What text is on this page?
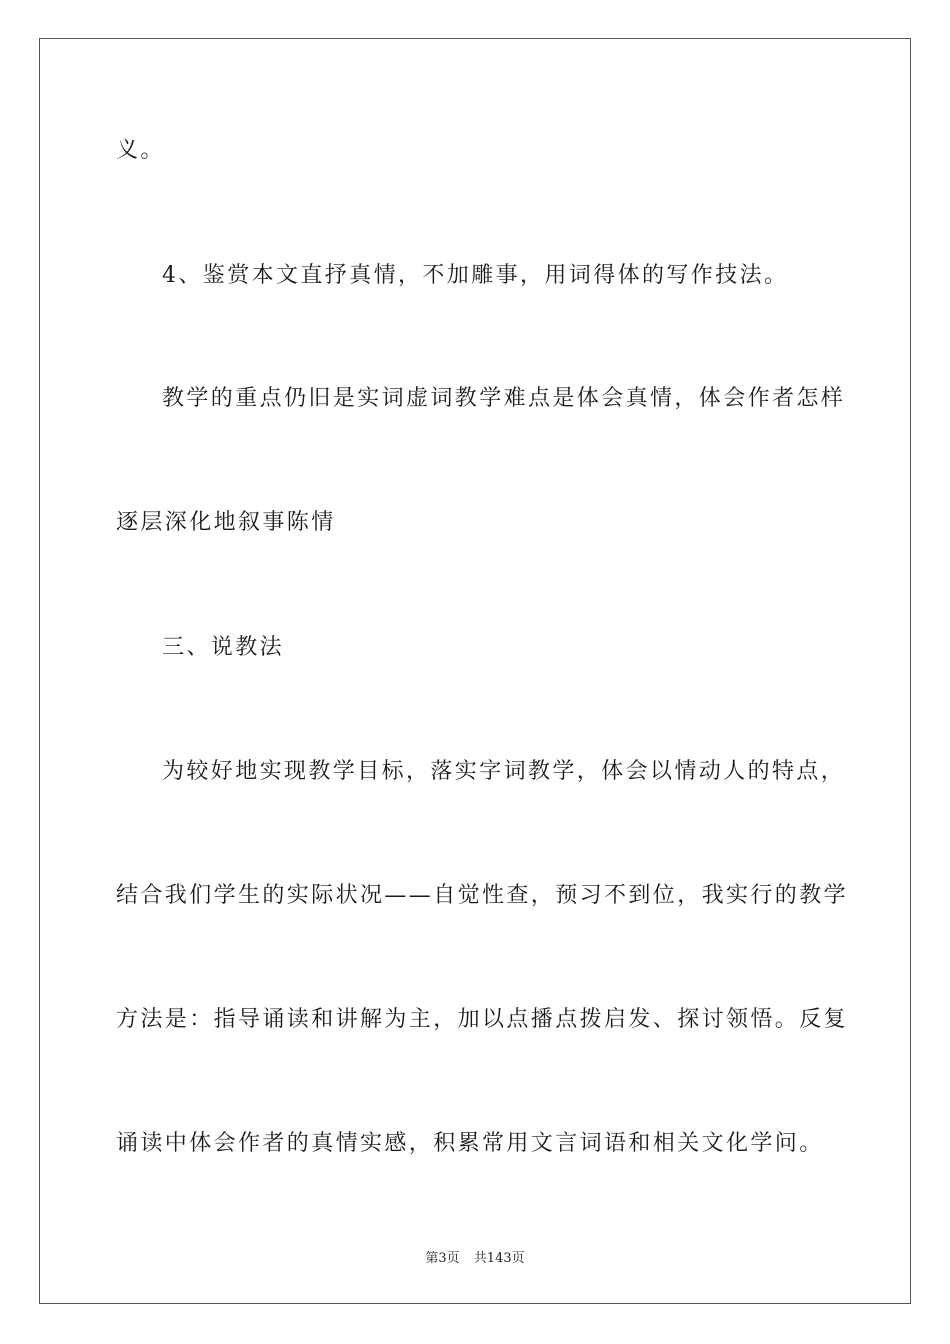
义。
4、鉴赏本文直抒真情，不加雕事，用词得体的写作技法。
教学的重点仍旧是实词虚词教学难点是体会真情，体会作者怎样
逐层深化地叙事陈情
三、说教法
为较好地实现教学目标，落实字词教学，体会以情动人的特点，
结合我们学生的实际状况——自觉性查，预习不到位，我实行的教学
方法是：指导诵读和讲解为主，加以点播点拨启发、探讨领悟。反复
诵读中体会作者的真情实感，积累常用文言词语和相关文化学问。
第3页 共143页
